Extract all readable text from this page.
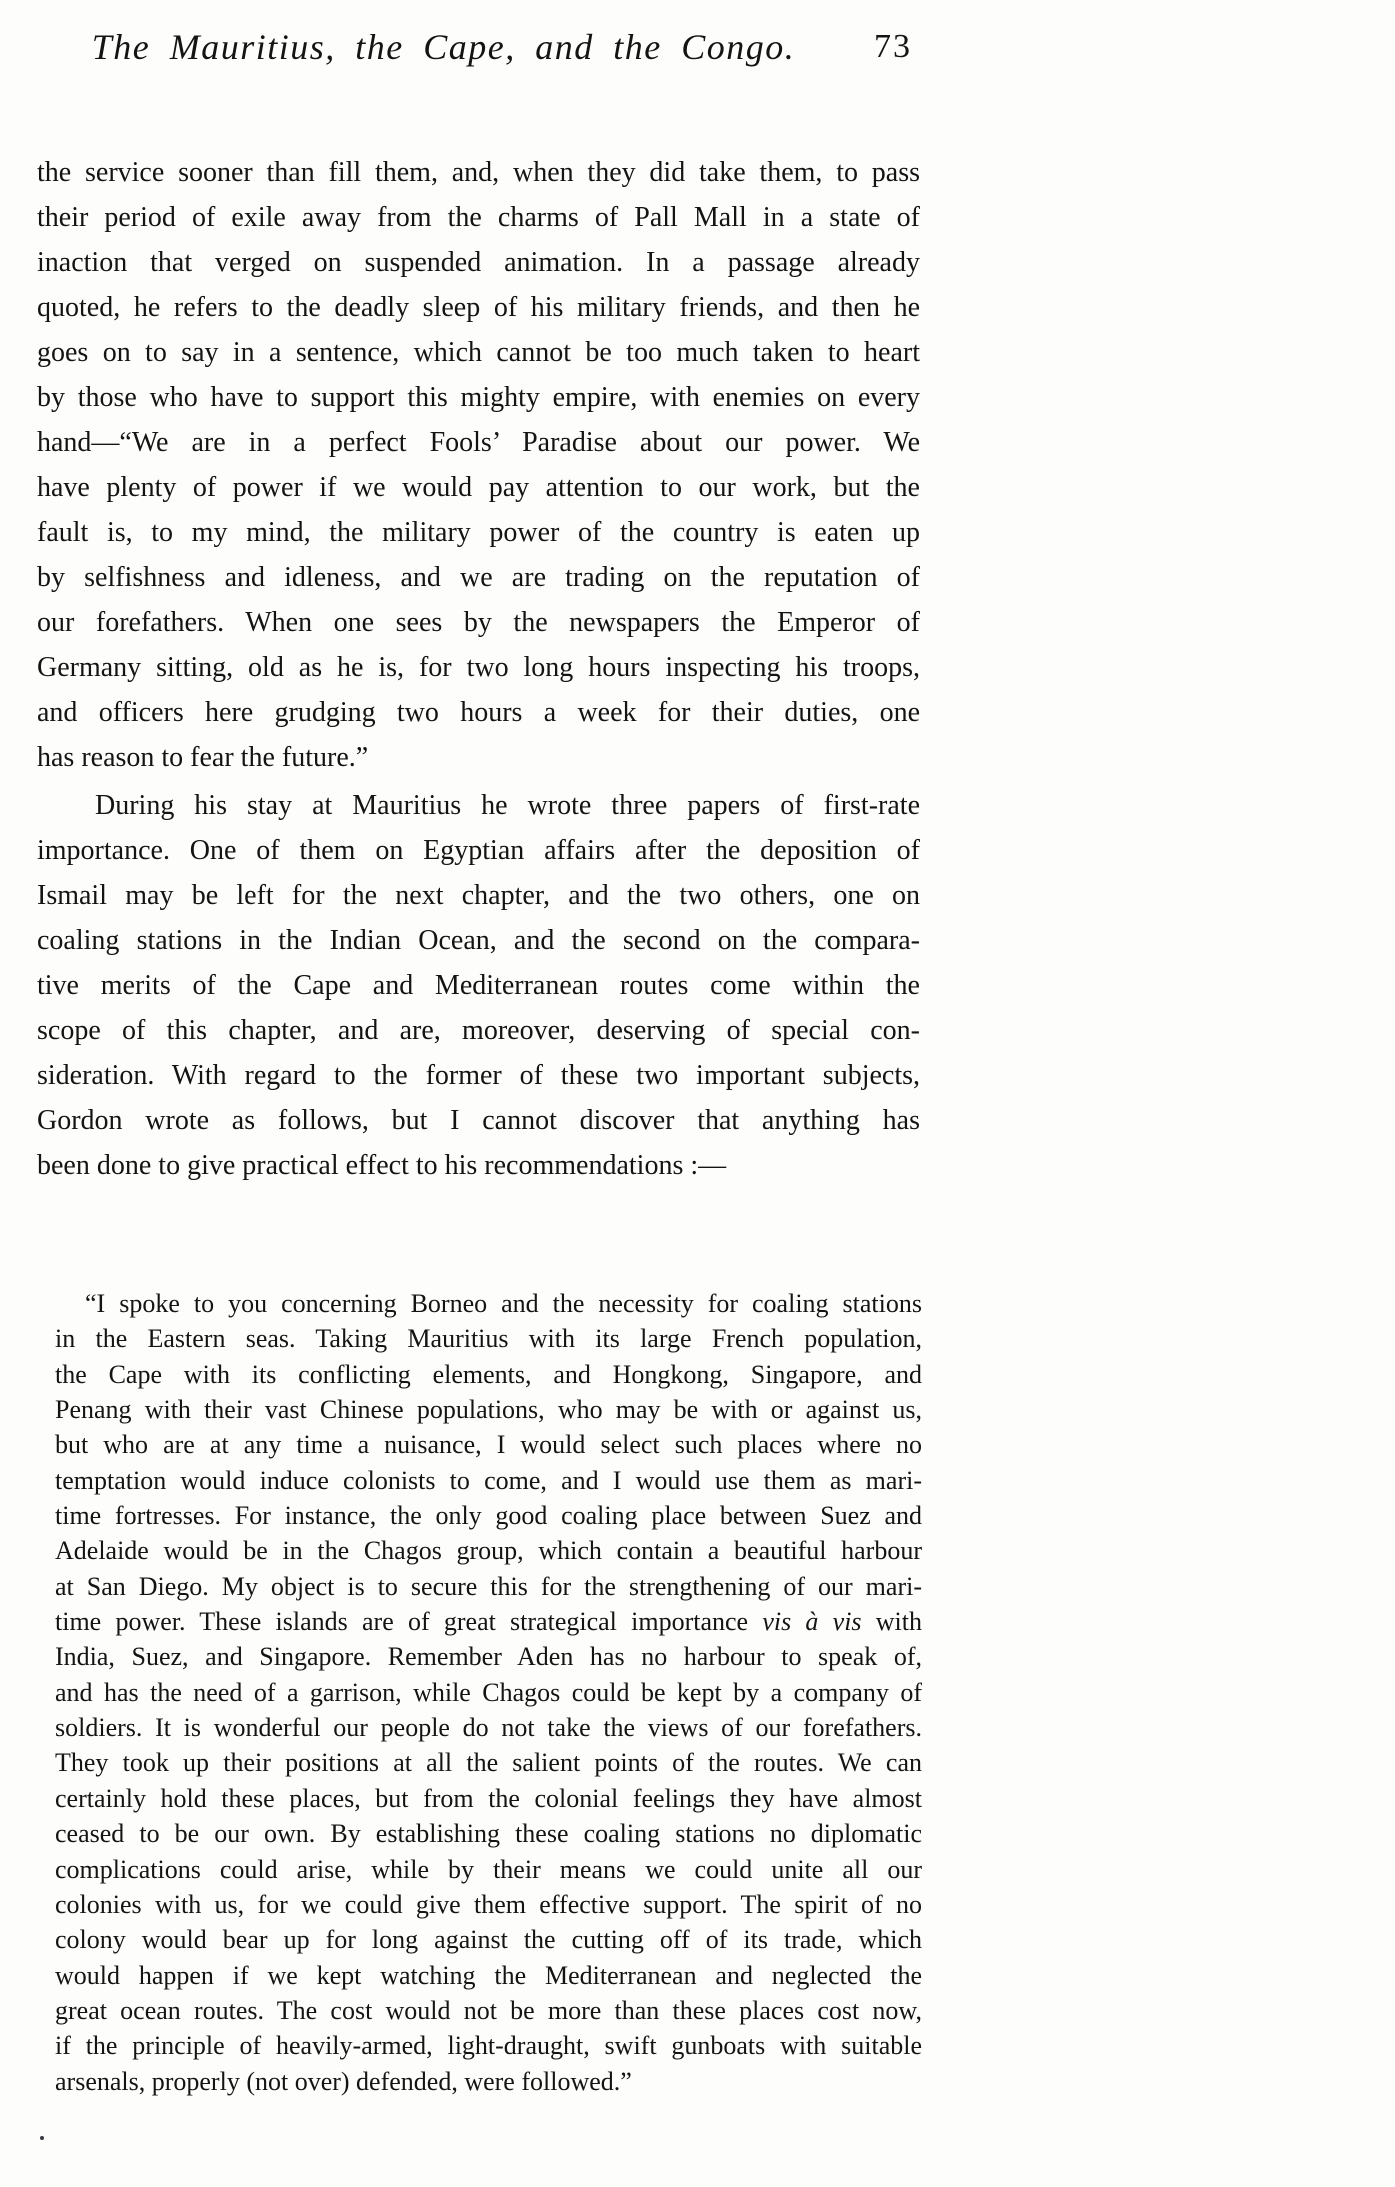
The Mauritius, the Cape, and the Congo.	73
the service sooner than fill them, and, when they did take them, to pass
their period of exile away from the charms of Pall Mall in a state of
inaction that verged on suspended animation. In a passage already
quoted, he refers to the deadly sleep of his military friends, and then he
goes on to say in a sentence, which cannot be too much taken to heart
by those who have to support this mighty empire, with enemies on every
hand—“We are in a perfect Fools’ Paradise about our power. We
have plenty of power if we would pay attention to our work, but the
fault is, to my mind, the military power of the country is eaten up
by selfishness and idleness, and we are trading on the reputation of
our forefathers. When one sees by the newspapers the Emperor of
Germany sitting, old as he is, for two long hours inspecting his troops,
and officers here grudging two hours a week for their duties, one
has reason to fear the future.”
During his stay at Mauritius he wrote three papers of first-rate
importance. One of them on Egyptian affairs after the deposition of
Ismail may be left for the next chapter, and the two others, one on
coaling stations in the Indian Ocean, and the second on the compara-
tive merits of the Cape and Mediterranean routes come within the
scope of this chapter, and are, moreover, deserving of special con-
sideration. With regard to the former of these two important subjects,
Gordon wrote as follows, but I cannot discover that anything has
been done to give practical effect to his recommendations :—
“I spoke to you concerning Borneo and the necessity for coaling stations
in the Eastern seas. Taking Mauritius with its large French population,
the Cape with its conflicting elements, and Hongkong, Singapore, and
Penang with their vast Chinese populations, who may be with or against us,
but who are at any time a nuisance, I would select such places where no
temptation would induce colonists to come, and I would use them as mari-
time fortresses. For instance, the only good coaling place between Suez and
Adelaide would be in the Chagos group, which contain a beautiful harbour
at San Diego. My object is to secure this for the strengthening of our mari-
time power. These islands are of great strategical importance vis à vis with
India, Suez, and Singapore. Remember Aden has no harbour to speak of,
and has the need of a garrison, while Chagos could be kept by a company of
soldiers. It is wonderful our people do not take the views of our forefathers.
They took up their positions at all the salient points of the routes. We can
certainly hold these places, but from the colonial feelings they have almost
ceased to be our own. By establishing these coaling stations no diplomatic
complications could arise, while by their means we could unite all our
colonies with us, for we could give them effective support. The spirit of no
colony would bear up for long against the cutting off of its trade, which
would happen if we kept watching the Mediterranean and neglected the
great ocean routes. The cost would not be more than these places cost now,
if the principle of heavily-armed, light-draught, swift gunboats with suitable
arsenals, properly (not over) defended, were followed.”
